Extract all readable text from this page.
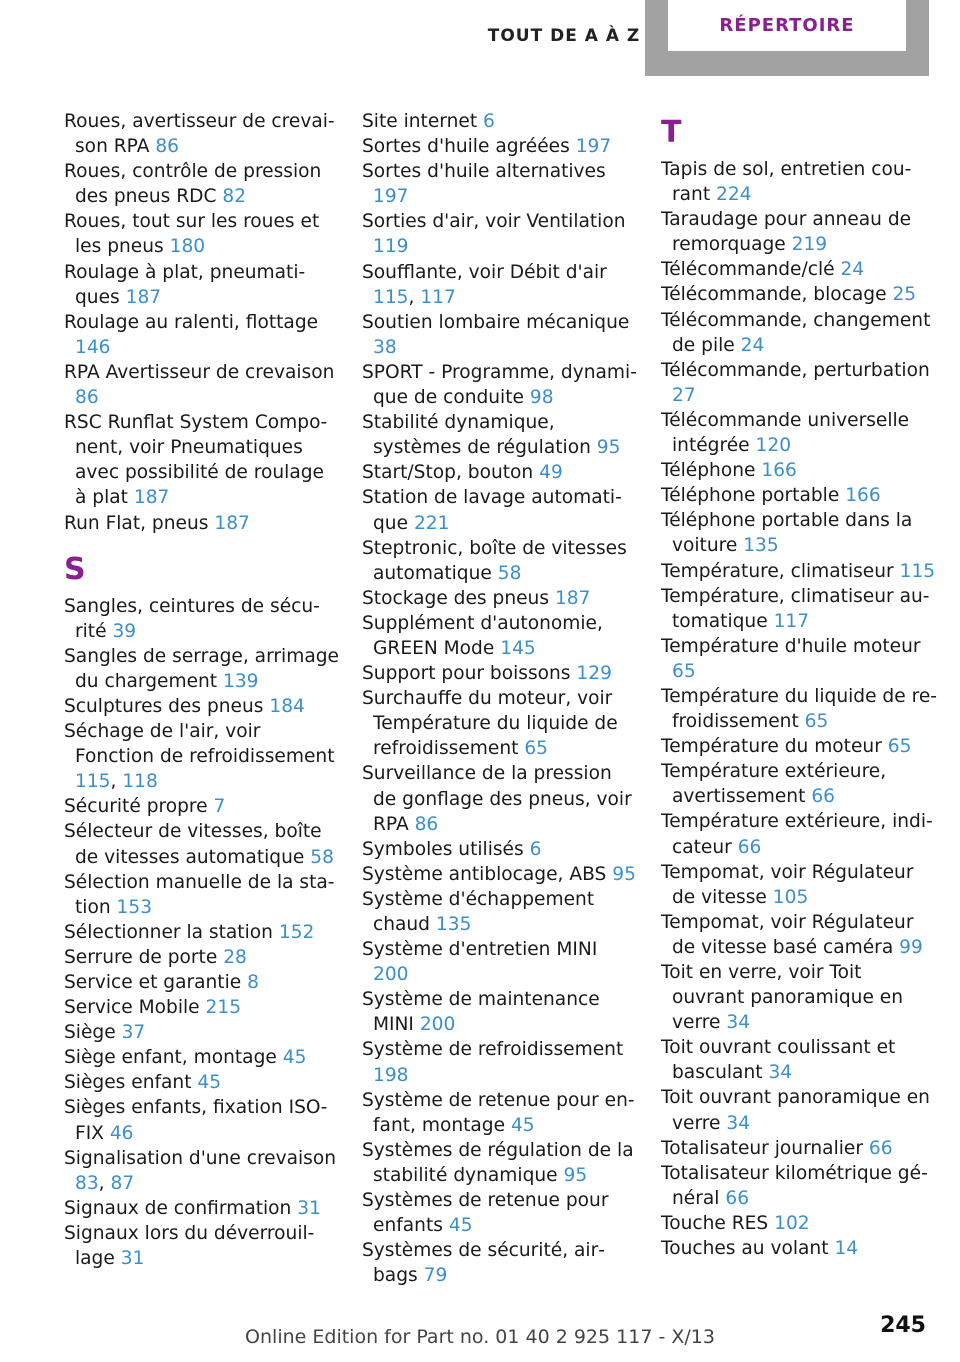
TOUT DE A À Z	RÉPERTOIRE
Roues, avertisseur de crevaison RPA 86
Roues, contrôle de pression des pneus RDC 82
Roues, tout sur les roues et les pneus 180
Roulage à plat, pneumatiques 187
Roulage au ralenti, flottage 146
RPA Avertisseur de crevaison 86
RSC Runflat System Component, voir Pneumatiques avec possibilité de roulage à plat 187
Run Flat, pneus 187
S
Sangles, ceintures de sécurité 39
Sangles de serrage, arrimage du chargement 139
Sculptures des pneus 184
Séchage de l'air, voir Fonction de refroidissement 115, 118
Sécurité propre 7
Sélecteur de vitesses, boîte de vitesses automatique 58
Sélection manuelle de la station 153
Sélectionner la station 152
Serrure de porte 28
Service et garantie 8
Service Mobile 215
Siège 37
Siège enfant, montage 45
Sièges enfant 45
Sièges enfants, fixation ISOFIX 46
Signalisation d'une crevaison 83, 87
Signaux de confirmation 31
Signaux lors du déverrouillage 31
Site internet 6
Sortes d'huile agréées 197
Sortes d'huile alternatives 197
Sorties d'air, voir Ventilation 119
Soufflante, voir Débit d'air 115, 117
Soutien lombaire mécanique 38
SPORT - Programme, dynamique de conduite 98
Stabilité dynamique, systèmes de régulation 95
Start/Stop, bouton 49
Station de lavage automatique 221
Steptronic, boîte de vitesses automatique 58
Stockage des pneus 187
Supplément d'autonomie, GREEN Mode 145
Support pour boissons 129
Surchauffe du moteur, voir Température du liquide de refroidissement 65
Surveillance de la pression de gonflage des pneus, voir RPA 86
Symboles utilisés 6
Système antiblocage, ABS 95
Système d'échappement chaud 135
Système d'entretien MINI 200
Système de maintenance MINI 200
Système de refroidissement 198
Système de retenue pour enfant, montage 45
Systèmes de régulation de la stabilité dynamique 95
Systèmes de retenue pour enfants 45
Systèmes de sécurité, airbags 79
T
Tapis de sol, entretien courant 224
Taraudage pour anneau de remorquage 219
Télécommande/clé 24
Télécommande, blocage 25
Télécommande, changement de pile 24
Télécommande, perturbation 27
Télécommande universelle intégrée 120
Téléphone 166
Téléphone portable 166
Téléphone portable dans la voiture 135
Température, climatiseur 115
Température, climatiseur automatique 117
Température d'huile moteur 65
Température du liquide de refroidissement 65
Température du moteur 65
Température extérieure, avertissement 66
Température extérieure, indicateur 66
Tempomat, voir Régulateur de vitesse 105
Tempomat, voir Régulateur de vitesse basé caméra 99
Toit en verre, voir Toit ouvrant panoramique en verre 34
Toit ouvrant coulissant et basculant 34
Toit ouvrant panoramique en verre 34
Totalisateur journalier 66
Totalisateur kilométrique général 66
Touche RES 102
Touches au volant 14
Online Edition for Part no. 01 40 2 925 117 - X/13	245
